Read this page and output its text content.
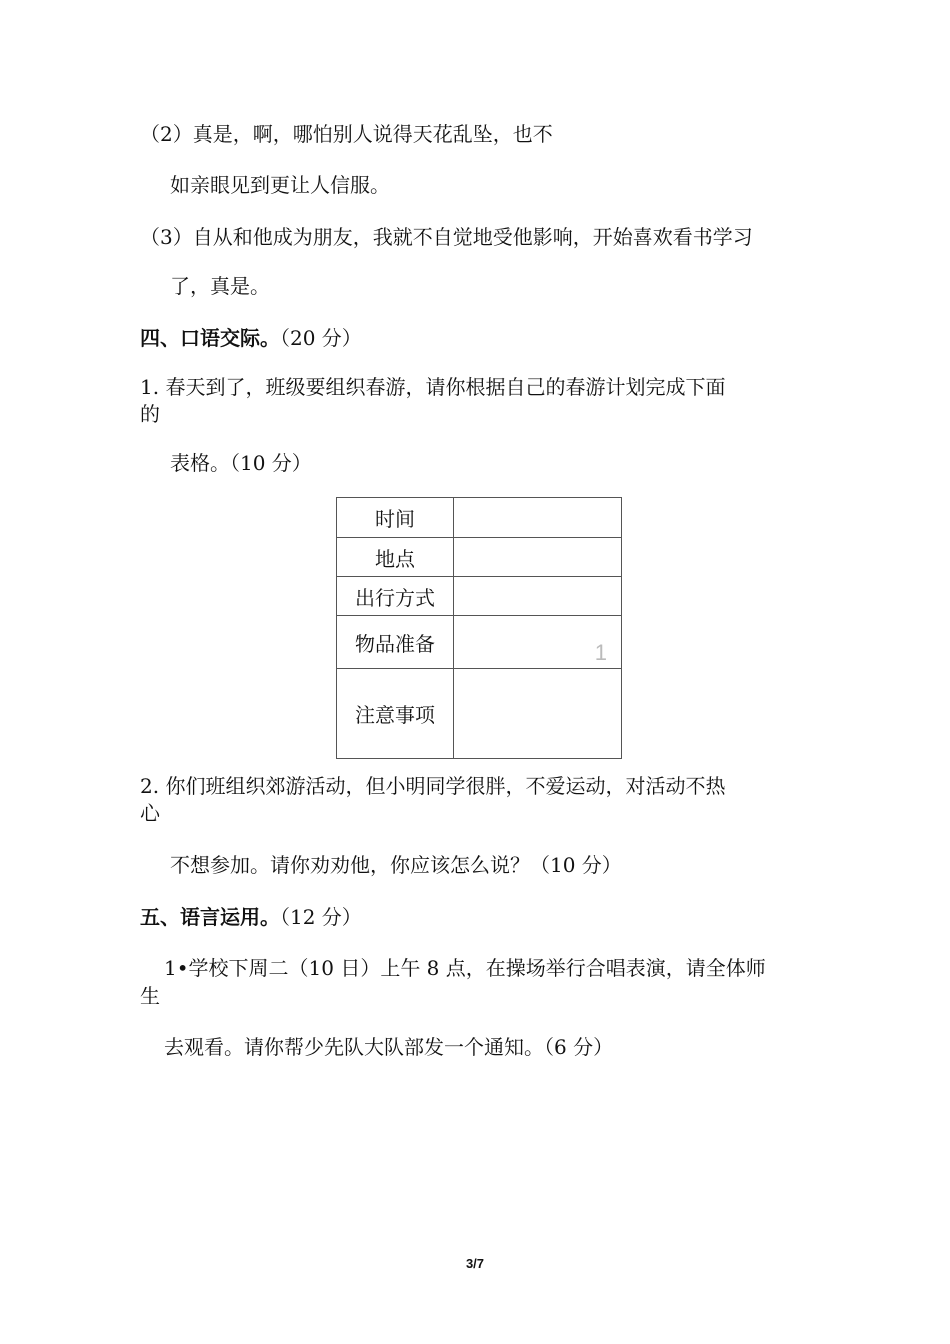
（2）真是，啊，哪怕别人说得天花乱坠，也不
如亲眼见到更让人信服。
（3）自从和他成为朋友，我就不自觉地受他影响，开始喜欢看书学习
了，真是。
四、口语交际。（20 分）
1. 春天到了，班级要组织春游，请你根据自己的春游计划完成下面
的
表格。（10 分）
时间	
地点	
出行方式	
物品准备	1

注意事项	
2. 你们班组织郊游活动，但小明同学很胖，不爱运动，对活动不热
心
不想参加。请你劝劝他，你应该怎么说？（10 分）
五、语言运用。（12 分）
1•学校下周二（10 日）上午 8 点，在操场举行合唱表演，请全体师
生
去观看。请你帮少先队大队部发一个通知。（6 分）
3/7
